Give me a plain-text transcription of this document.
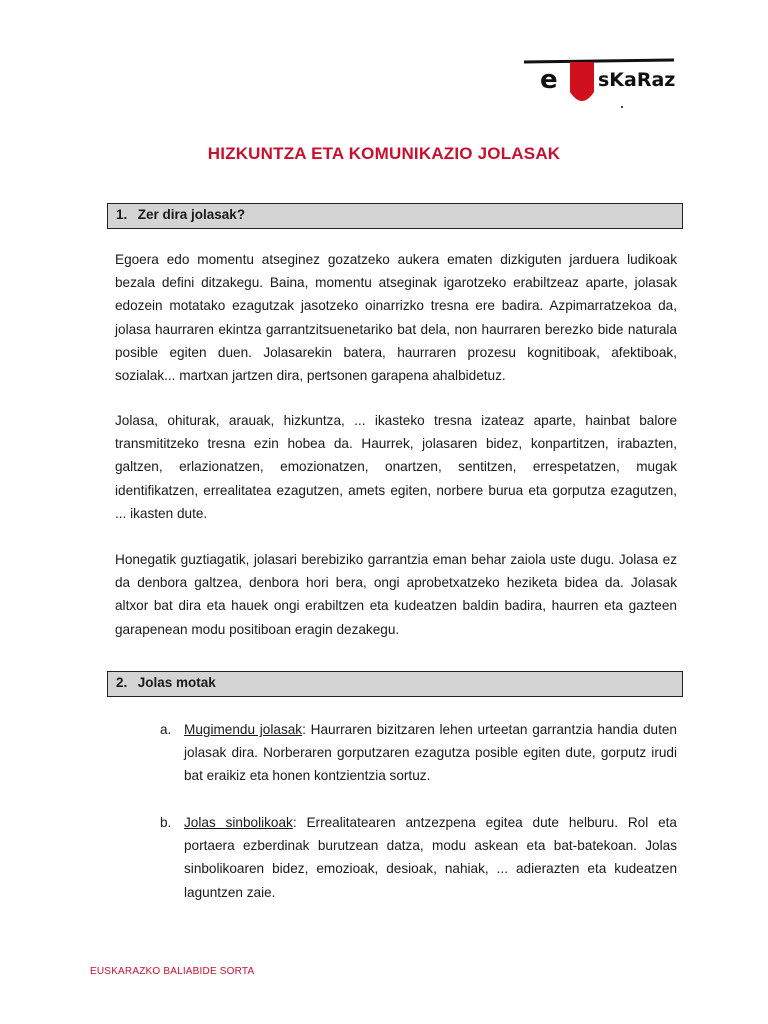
e sKaRaz
HIZKUNTZA ETA KOMUNIKAZIO JOLASAK
1. Zer dira jolasak?

Egoera edo momentu atseginez gozatzeko aukera ematen dizkiguten jarduera ludikoak bezala defini ditzakegu. Baina, momentu atseginak igarotzeko erabiltzeaz aparte, jolasak edozein motatako ezagutzak jasotzeko oinarrizko tresna ere badira. Azpimarratzekoa da, jolasa haurraren ekintza garrantzitsuenetariko bat dela, non haurraren berezko bide naturala posible egiten duen. Jolasarekin batera, haurraren prozesu kognitiboak, afektiboak, sozialak... martxan jartzen dira, pertsonen garapena ahalbidetuz.

Jolasa, ohiturak, arauak, hizkuntza, ... ikasteko tresna izateaz aparte, hainbat balore transmititzeko tresna ezin hobea da. Haurrek, jolasaren bidez, konpartitzen, irabazten, galtzen, erlazionatzen, emozionatzen, onartzen, sentitzen, errespetatzen, mugak identifikatzen, errealitatea ezagutzen, amets egiten, norbere burua eta gorputza ezagutzen, ... ikasten dute.

Honegatik guztiagatik, jolasari berebiziko garrantzia eman behar zaiola uste dugu. Jolasa ez da denbora galtzea, denbora hori bera, ongi aprobetxatzeko heziketa bidea da. Jolasak altxor bat dira eta hauek ongi erabiltzen eta kudeatzen baldin badira, haurren eta gazteen garapenean modu positiboan eragin dezakegu.

2. Jolas motak
a. Mugimendu jolasak: Haurraren bizitzaren lehen urteetan garrantzia handia duten jolasak dira. Norberaren gorputzaren ezagutza posible egiten dute, gorputz irudi bat eraikiz eta honen kontzientzia sortuz.
b. Jolas sinbolikoak: Errealitatearen antzezpena egitea dute helburu. Rol eta portaera ezberdinak burutzean datza, modu askean eta bat-batekoan. Jolas sinbolikoaren bidez, emozioak, desioak, nahiak, ... adierazten eta kudeatzen laguntzen zaie.
EUSKARAZKO BALIABIDE SORTA
